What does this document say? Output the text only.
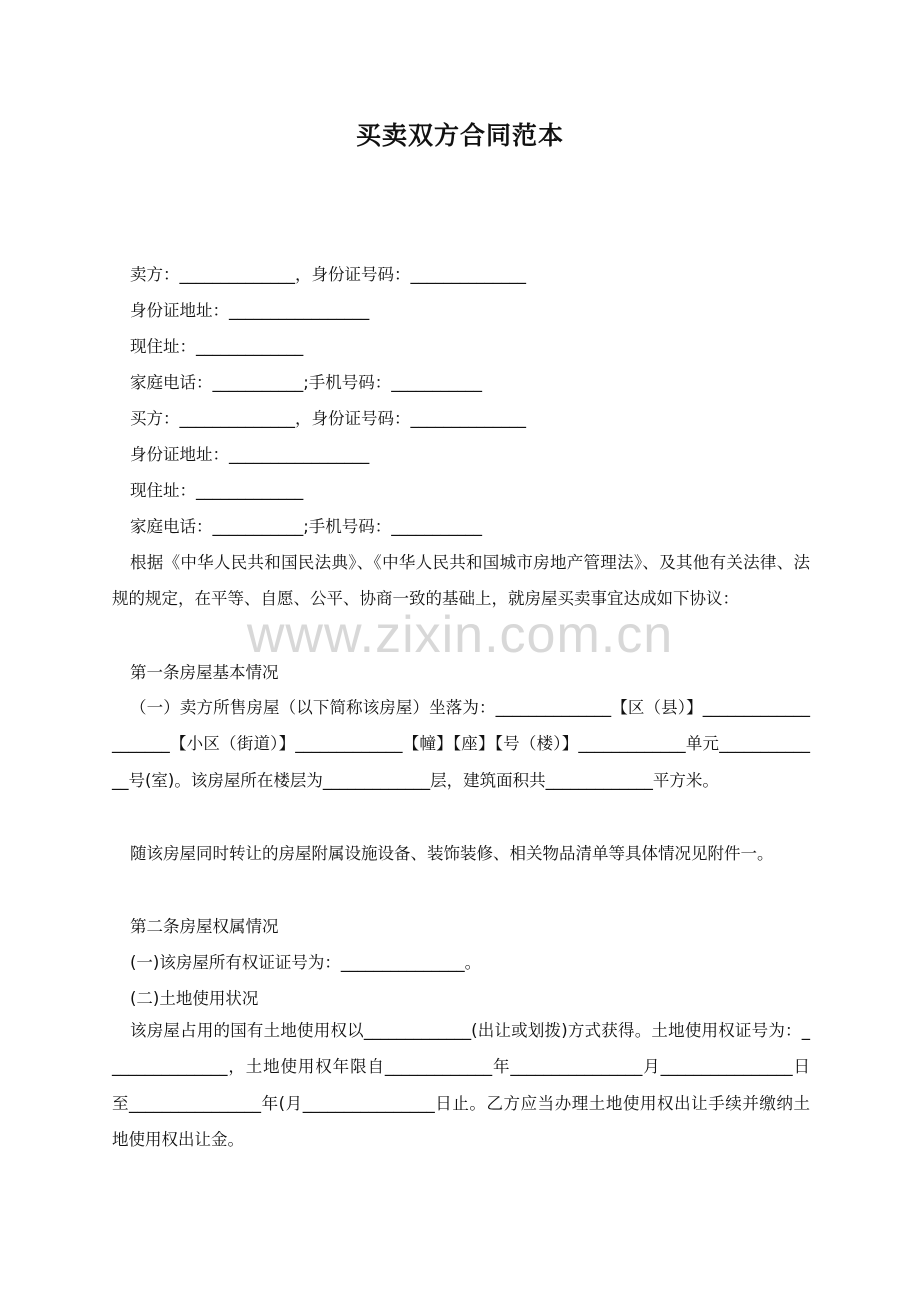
买卖双方合同范本
卖方：______________，身份证号码：______________
身份证地址：_________________
现住址：_____________
家庭电话：___________;手机号码：___________
买方：______________，身份证号码：______________
身份证地址：_________________
现住址：_____________
家庭电话：___________;手机号码：___________
根据《中华人民共和国民法典》、《中华人民共和国城市房地产管理法》、及其他有关法律、法规的规定，在平等、自愿、公平、协商一致的基础上，就房屋买卖事宜达成如下协议：
第一条房屋基本情况
（一）卖方所售房屋（以下简称该房屋）坐落为：______________【区（县）】____________________【小区（街道）】_____________【幢】【座】【号（楼）】_____________单元_____________号(室)。该房屋所在楼层为_____________层，建筑面积共_____________平方米。
随该房屋同时转让的房屋附属设施设备、装饰装修、相关物品清单等具体情况见附件一。
第二条房屋权属情况
(一)该房屋所有权证证号为：_______________。
(二)土地使用状况
该房屋占用的国有土地使用权以_____________(出让或划拨)方式获得。土地使用权证号为：_______________，土地使用权年限自_____________年________________月________________日至________________年(月________________日止。乙方应当办理土地使用权出让手续并缴纳土地使用权出让金。
www.zixin.com.cn
